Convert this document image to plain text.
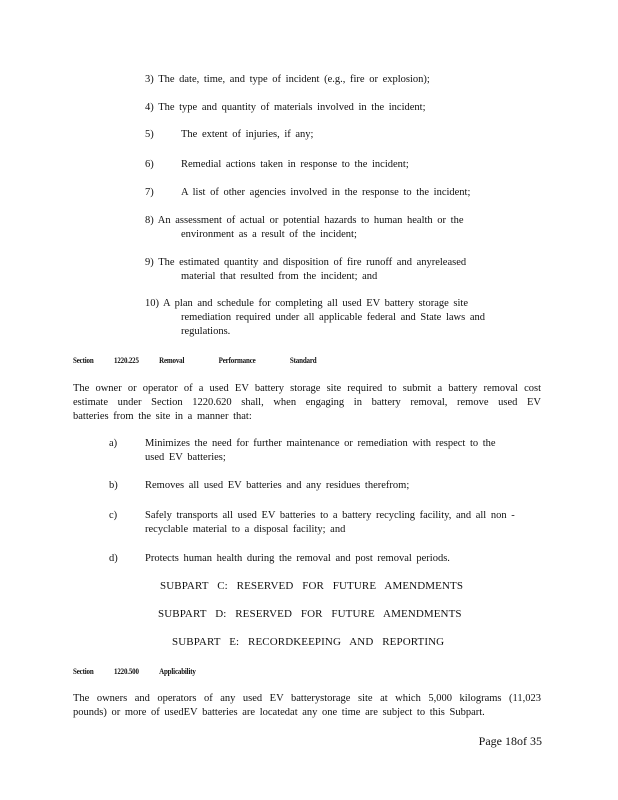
3) The date, time, and type of incident (e.g., fire or explosion);
4) The type and quantity of materials involved in the incident;
5)	The extent of injuries, if any;
6)	Remedial actions taken in response to the incident;
7)	A list of other agencies involved in the response to the incident;
8) An assessment of actual or potential hazards to human health or the
environment as a result of the incident;
9) The estimated quantity and disposition of fire runoff and anyreleased
material that resulted from the incident; and
10) A plan and schedule for completing all used EV battery storage site
remediation required under all applicable federal and State laws and
regulations.
Section 1220.225 Removal Performance Standard
The owner or operator of a used EV battery storage site required to submit a battery removal cost
estimate under Section 1220.620 shall, when engaging in battery removal, remove used EV
batteries from the site in a manner that:
a)	Minimizes the need for further maintenance or remediation with respect to the
used EV batteries;
b)	Removes all used EV batteries and any residues therefrom;
c)	Safely transports all used EV batteries to a battery recycling facility, and all non -
recyclable material to a disposal facility; and
d)	Protects human health during the removal and post removal periods.
SUBPART C: RESERVED FOR FUTURE AMENDMENTS
SUBPART D: RESERVED FOR FUTURE AMENDMENTS
SUBPART E: RECORDKEEPING AND REPORTING
Section 1220.500 Applicability
The owners and operators of any used EV batterystorage site at which 5,000 kilograms (11,023
pounds) or more of usedEV batteries are locatedat any one time are subject to this Subpart.
Page 18of 35
